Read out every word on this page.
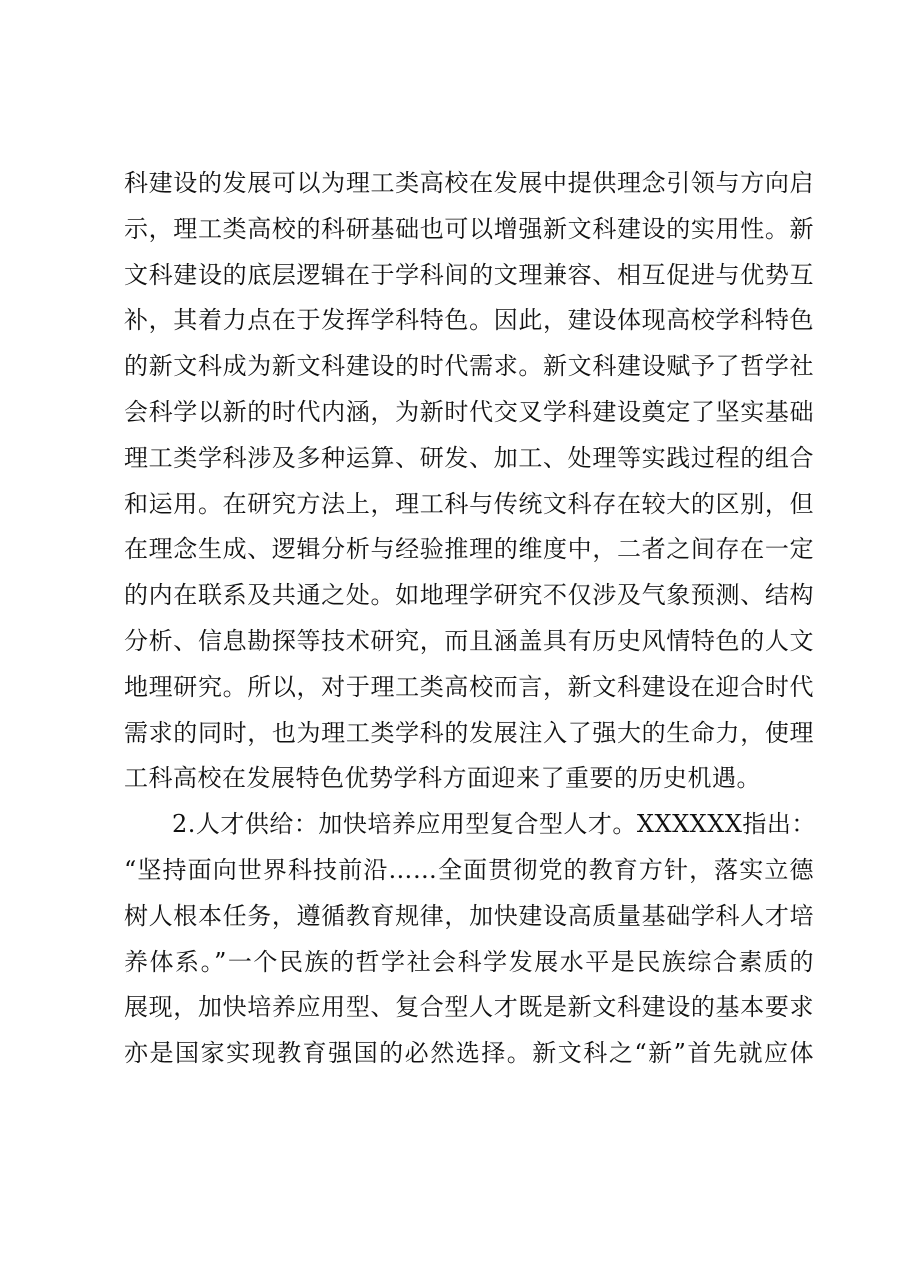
科建设的发展可以为理工类高校在发展中提供理念引领与方向启
示，理工类高校的科研基础也可以增强新文科建设的实用性。新
文科建设的底层逻辑在于学科间的文理兼容、相互促进与优势互
补，其着力点在于发挥学科特色。因此，建设体现高校学科特色
的新文科成为新文科建设的时代需求。新文科建设赋予了哲学社
会科学以新的时代内涵，为新时代交叉学科建设奠定了坚实基础
理工类学科涉及多种运算、研发、加工、处理等实践过程的组合
和运用。在研究方法上，理工科与传统文科存在较大的区别，但
在理念生成、逻辑分析与经验推理的维度中，二者之间存在一定
的内在联系及共通之处。如地理学研究不仅涉及气象预测、结构
分析、信息勘探等技术研究，而且涵盖具有历史风情特色的人文
地理研究。所以，对于理工类高校而言，新文科建设在迎合时代
需求的同时，也为理工类学科的发展注入了强大的生命力，使理
工科高校在发展特色优势学科方面迎来了重要的历史机遇。
2.人才供给：加快培养应用型复合型人才。XXXXXX指出：
“坚持面向世界科技前沿……全面贯彻党的教育方针，落实立德
树人根本任务，遵循教育规律，加快建设高质量基础学科人才培
养体系。”一个民族的哲学社会科学发展水平是民族综合素质的
展现，加快培养应用型、复合型人才既是新文科建设的基本要求
亦是国家实现教育强国的必然选择。新文科之“新”首先就应体
